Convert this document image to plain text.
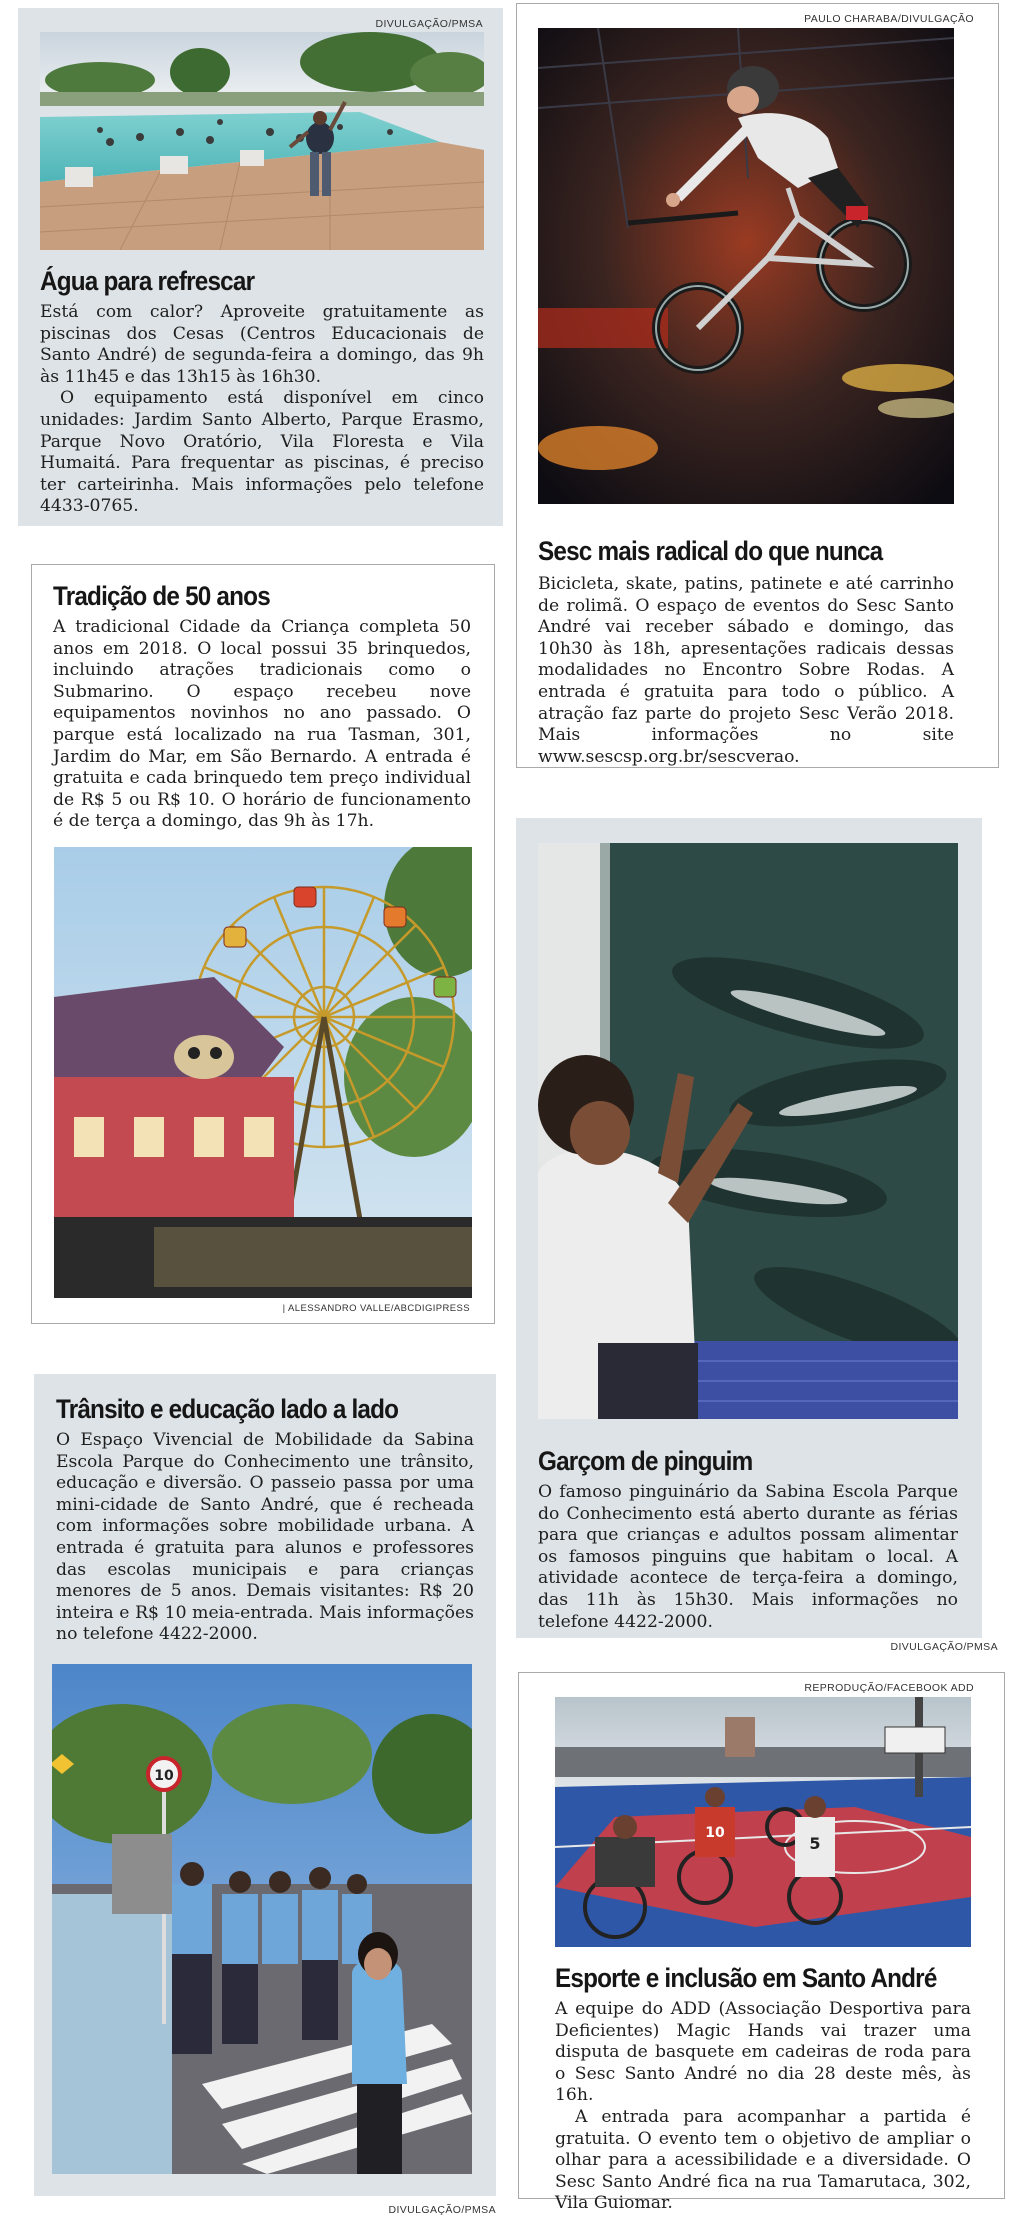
DIVULGAÇÃO/PMSA
Água para refrescar

Está com calor? Aproveite gratuitamente as piscinas dos Cesas (Centros Educacionais de Santo André) de segunda-feira a domingo, das 9h às 11h45 e das 13h15 às 16h30.

O equipamento está disponível em cinco unidades: Jardim Santo Alberto, Parque Erasmo, Parque Novo Oratório, Vila Floresta e Vila Humaitá. Para frequentar as piscinas, é preciso ter carteirinha. Mais informações pelo telefone 4433-0765.

PAULO CHARABA/DIVULGAÇÃO
Sesc mais radical do que nunca

Bicicleta, skate, patins, patinete e até carrinho de rolimã. O espaço de eventos do Sesc Santo André vai receber sábado e domingo, das 10h30 às 18h, apresentações radicais dessas modalidades no Encontro Sobre Rodas. A entrada é gratuita para todo o público. A atração faz parte do projeto Sesc Verão 2018. Mais informações no site www.sescsp.org.br/sescverao.

Tradição de 50 anos

A tradicional Cidade da Criança completa 50 anos em 2018. O local possui 35 brinquedos, incluindo atrações tradicionais como o Submarino. O espaço recebeu nove equipamentos novinhos no ano passado. O parque está localizado na rua Tasman, 301, Jardim do Mar, em São Bernardo. A entrada é gratuita e cada brinquedo tem preço individual de R$ 5 ou R$ 10. O horário de funcionamento é de terça a domingo, das 9h às 17h.

| ALESSANDRO VALLE/ABCDIGIPRESS
Garçom de pinguim

O famoso pinguinário da Sabina Escola Parque do Conhecimento está aberto durante as férias para que crianças e adultos possam alimentar os famosos pinguins que habitam o local. A atividade acontece de terça-feira a domingo, das 11h às 15h30. Mais informações no telefone 4422-2000.

DIVULGAÇÃO/PMSA
Trânsito e educação lado a lado

O Espaço Vivencial de Mobilidade da Sabina Escola Parque do Conhecimento une trânsito, educação e diversão. O passeio passa por uma mini-cidade de Santo André, que é recheada com informações sobre mobilidade urbana. A entrada é gratuita para alunos e professores das escolas municipais e para crianças menores de 5 anos. Demais visitantes: R$ 20 inteira e R$ 10 meia-entrada. Mais informações no telefone 4422-2000.

10
DIVULGAÇÃO/PMSA
REPRODUÇÃO/FACEBOOK ADD
10
5
Esporte e inclusão em Santo André

A equipe do ADD (Associação Desportiva para Deficientes) Magic Hands vai trazer uma disputa de basquete em cadeiras de roda para o Sesc Santo André no dia 28 deste mês, às 16h.

A entrada para acompanhar a partida é gratuita. O evento tem o objetivo de ampliar o olhar para a acessibilidade e a diversidade. O Sesc Santo André fica na rua Tamarutaca, 302, Vila Guiomar.
